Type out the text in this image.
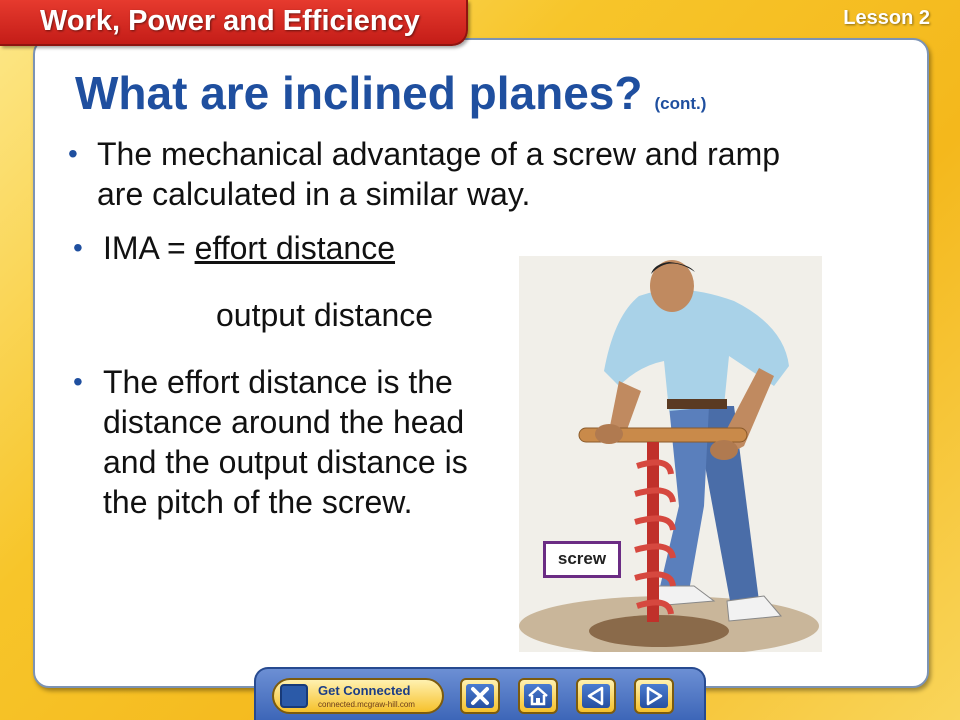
Work, Power and Efficiency	Lesson 2
What are inclined planes? (cont.)
• The mechanical advantage of a screw and ramp are calculated in a similar way.
• IMA = effort distance
output distance
• The effort distance is the distance around the head and the output distance is the pitch of the screw.
screw
Get Connected
connected.mcgraw-hill.com
